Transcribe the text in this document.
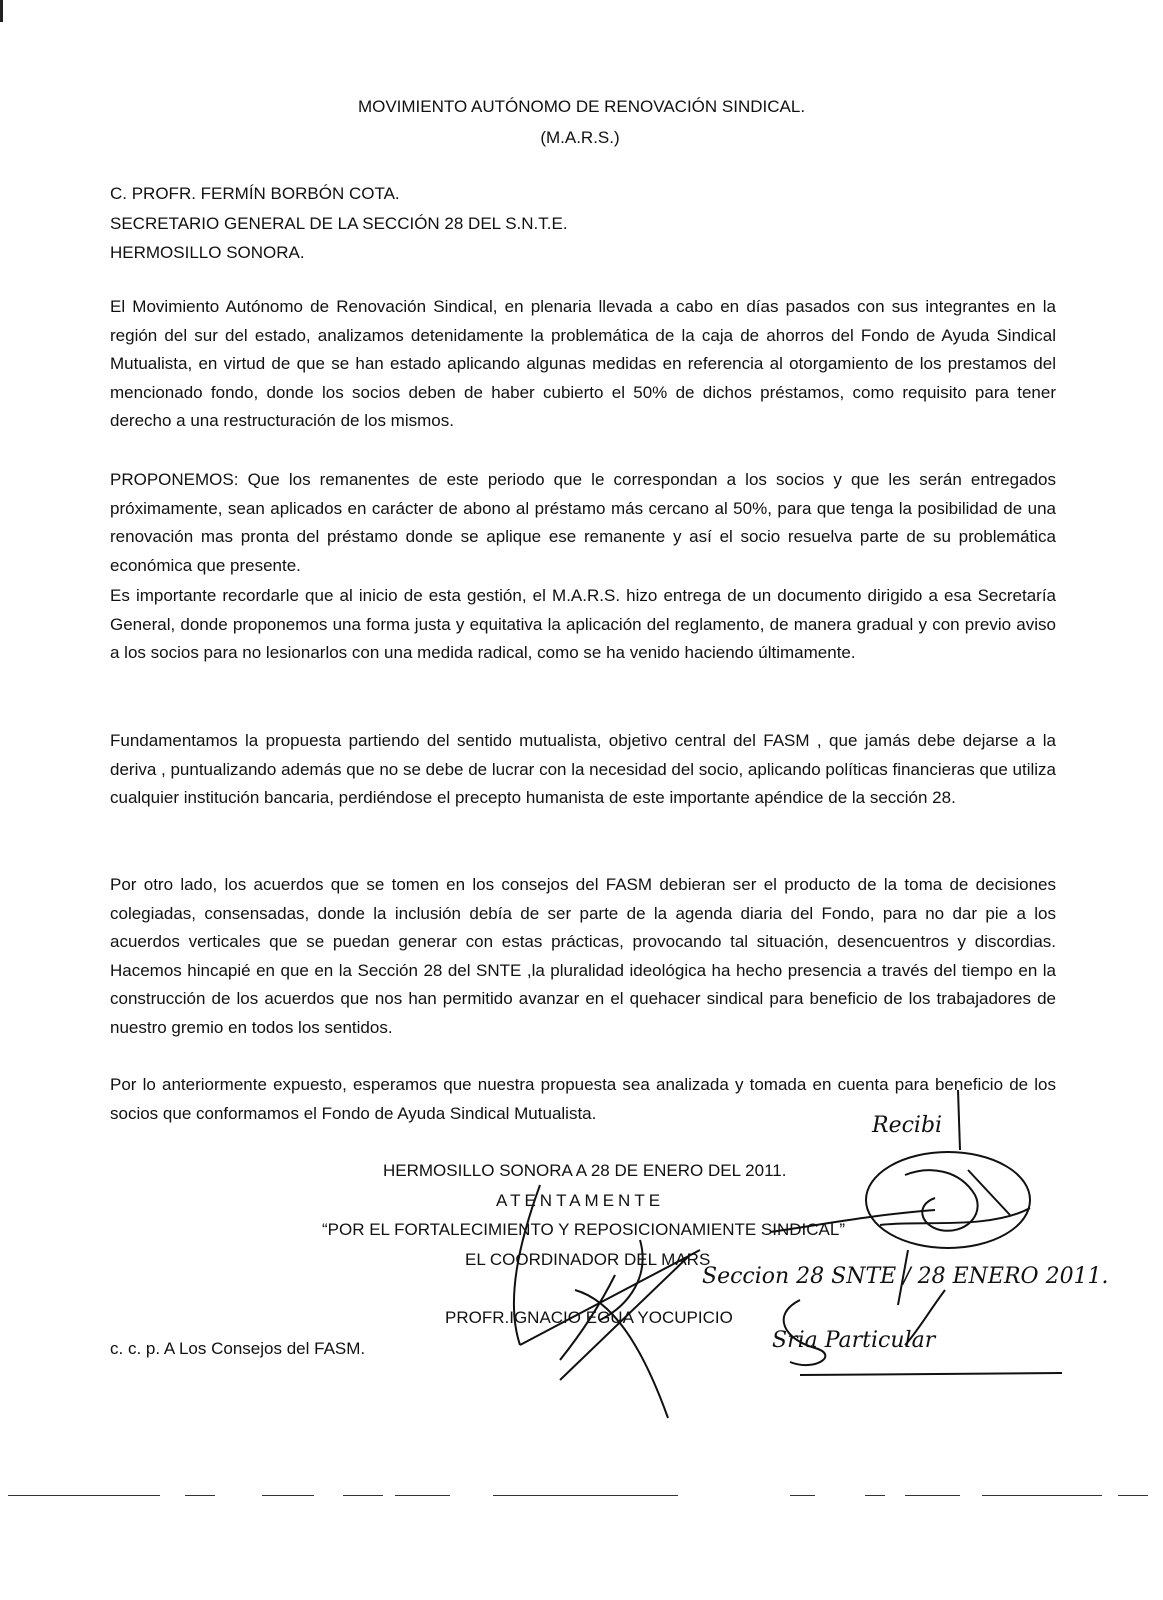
MOVIMIENTO AUTÓNOMO DE RENOVACIÓN SINDICAL.
(M.A.R.S.)
C. PROFR. FERMÍN BORBÓN COTA.
SECRETARIO GENERAL DE LA SECCIÓN 28 DEL S.N.T.E.
HERMOSILLO SONORA.
El Movimiento Autónomo de Renovación Sindical, en plenaria llevada a cabo en días pasados con sus integrantes en la región del sur del estado, analizamos detenidamente la problemática de la caja de ahorros del Fondo de Ayuda Sindical Mutualista, en virtud de que se han estado aplicando algunas medidas en referencia al otorgamiento de los prestamos del mencionado fondo, donde los socios deben de haber cubierto el 50% de dichos préstamos, como requisito para tener derecho a una restructuración de los mismos.
PROPONEMOS: Que los remanentes de este periodo que le correspondan a los socios y que les serán entregados próximamente, sean aplicados en carácter de abono al préstamo más cercano al 50%, para que tenga la posibilidad de una renovación mas pronta del préstamo donde se aplique ese remanente y así el socio resuelva parte de su problemática económica que presente.
Es importante recordarle que al inicio de esta gestión, el M.A.R.S. hizo entrega de un documento dirigido a esa Secretaría General, donde proponemos una forma justa y equitativa la aplicación del reglamento, de manera gradual y con previo aviso a los socios para no lesionarlos con una medida radical, como se ha venido haciendo últimamente.
Fundamentamos la propuesta partiendo del sentido mutualista, objetivo central del FASM , que jamás debe dejarse a la deriva , puntualizando además que no se debe de lucrar con la necesidad del socio, aplicando políticas financieras que utiliza cualquier institución bancaria, perdiéndose el precepto humanista de este importante apéndice de la sección 28.
Por otro lado, los acuerdos que se tomen en los consejos del FASM debieran ser el producto de la toma de decisiones colegiadas, consensadas, donde la inclusión debía de ser parte de la agenda diaria del Fondo, para no dar pie a los acuerdos verticales que se puedan generar con estas prácticas, provocando tal situación, desencuentros y discordias. Hacemos hincapié en que en la Sección 28 del SNTE ,la pluralidad ideológica ha hecho presencia a través del tiempo en la construcción de los acuerdos que nos han permitido avanzar en el quehacer sindical para beneficio de los trabajadores de nuestro gremio en todos los sentidos.
Por lo anteriormente expuesto, esperamos que nuestra propuesta sea analizada y tomada en cuenta para beneficio de los socios que conformamos el Fondo de Ayuda Sindical Mutualista.
HERMOSILLO SONORA A 28 DE ENERO DEL 2011.
ATENTAMENTE
“POR EL FORTALECIMIENTO Y REPOSICIONAMIENTE SINDICAL”
EL COORDINADOR DEL MARS
PROFR.IGNACIO EGUA YOCUPICIO
c. c. p. A Los Consejos del FASM.
Recibi
Seccion 28 SNTE / 28 ENERO 2011.
Sria Particular
